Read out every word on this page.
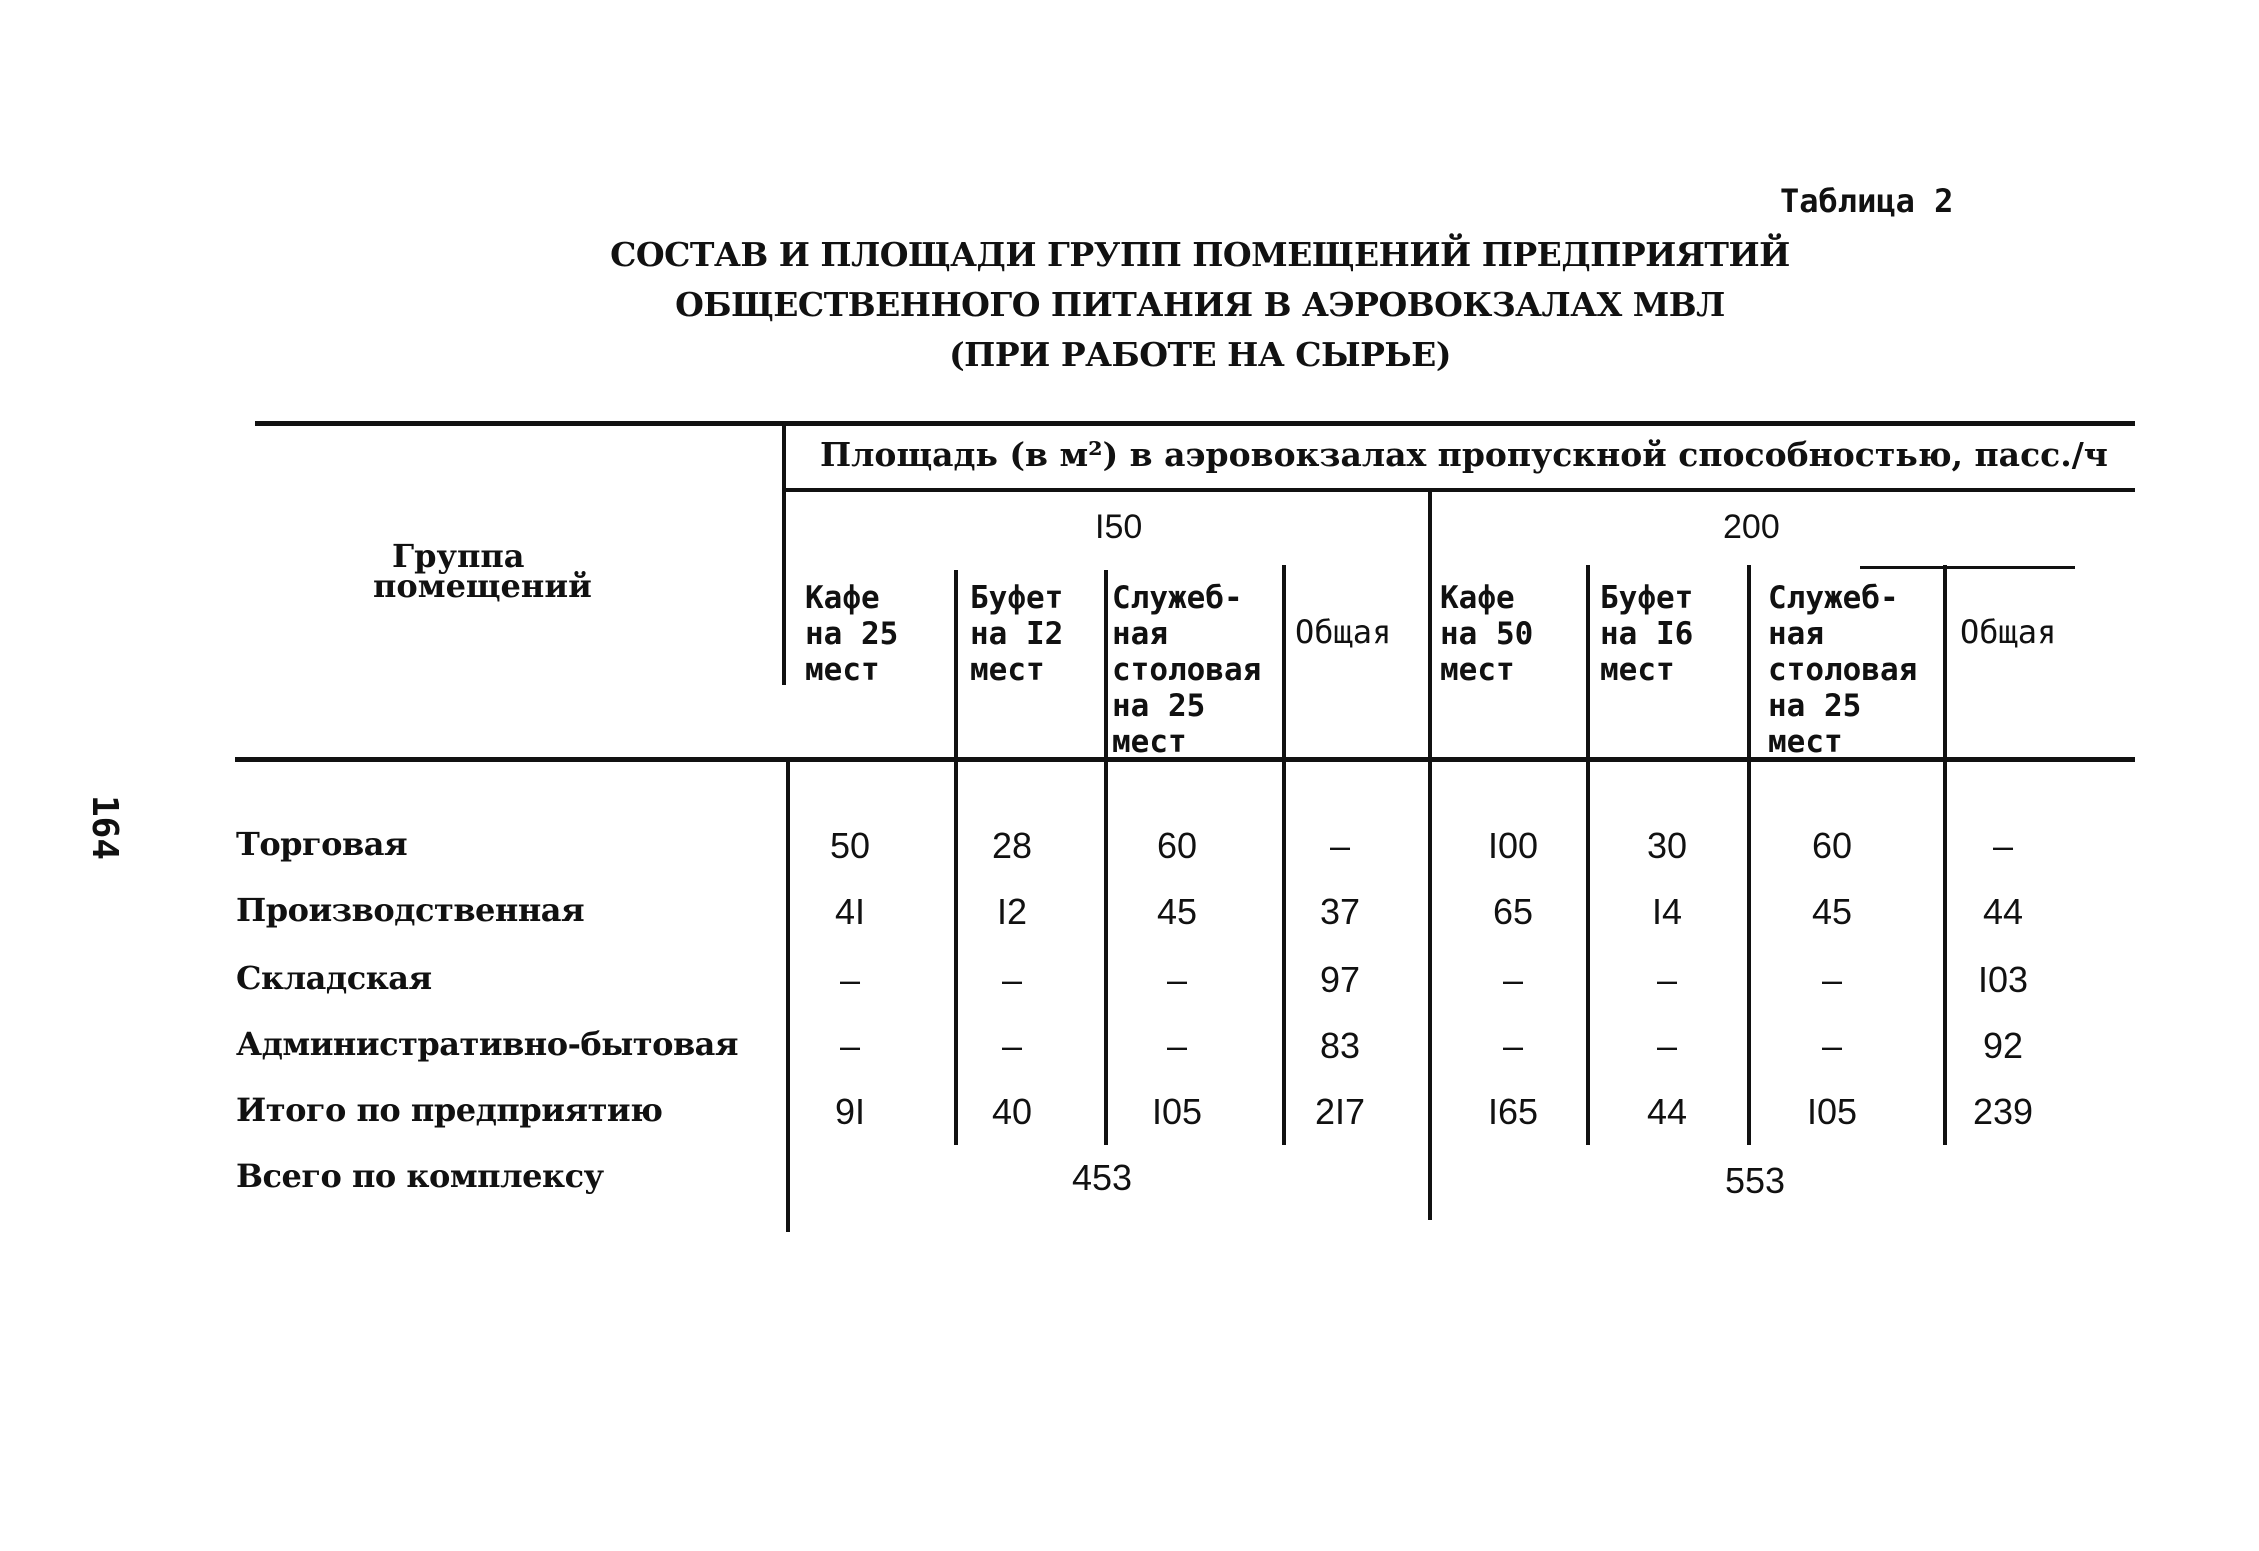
Таблица 2
СОСТАВ И ПЛОЩАДИ ГРУПП ПОМЕЩЕНИЙ ПРЕДПРИЯТИЙ
ОБЩЕСТВЕННОГО ПИТАНИЯ В АЭРОВОКЗАЛАХ МВЛ
(ПРИ РАБОТЕ НА СЫРЬЕ)
164
Группа
помещений
Площадь (в м²) в аэровокзалах пропускной способностью, пасс./ч
I50	200
Кафе
на 25
мест
Буфет
на I2
мест
Служеб-
ная
столовая
на 25
мест
Общая
Кафе
на 50
мест
Буфет
на I6
мест
Служеб-
ная
столовая
на 25
мест
Общая
Торговая	50	28	60	–	I00	30	60	–
Производственная	4I	I2	45	37	65	I4	45	44
Складская	–	–	–	97	–	–	–	I03
Административно-бытовая	–	–	–	83	–	–	–	92
Итого по предприятию	9I	40	I05	2I7	I65	44	I05	239
Всего по комплексу	453	553
